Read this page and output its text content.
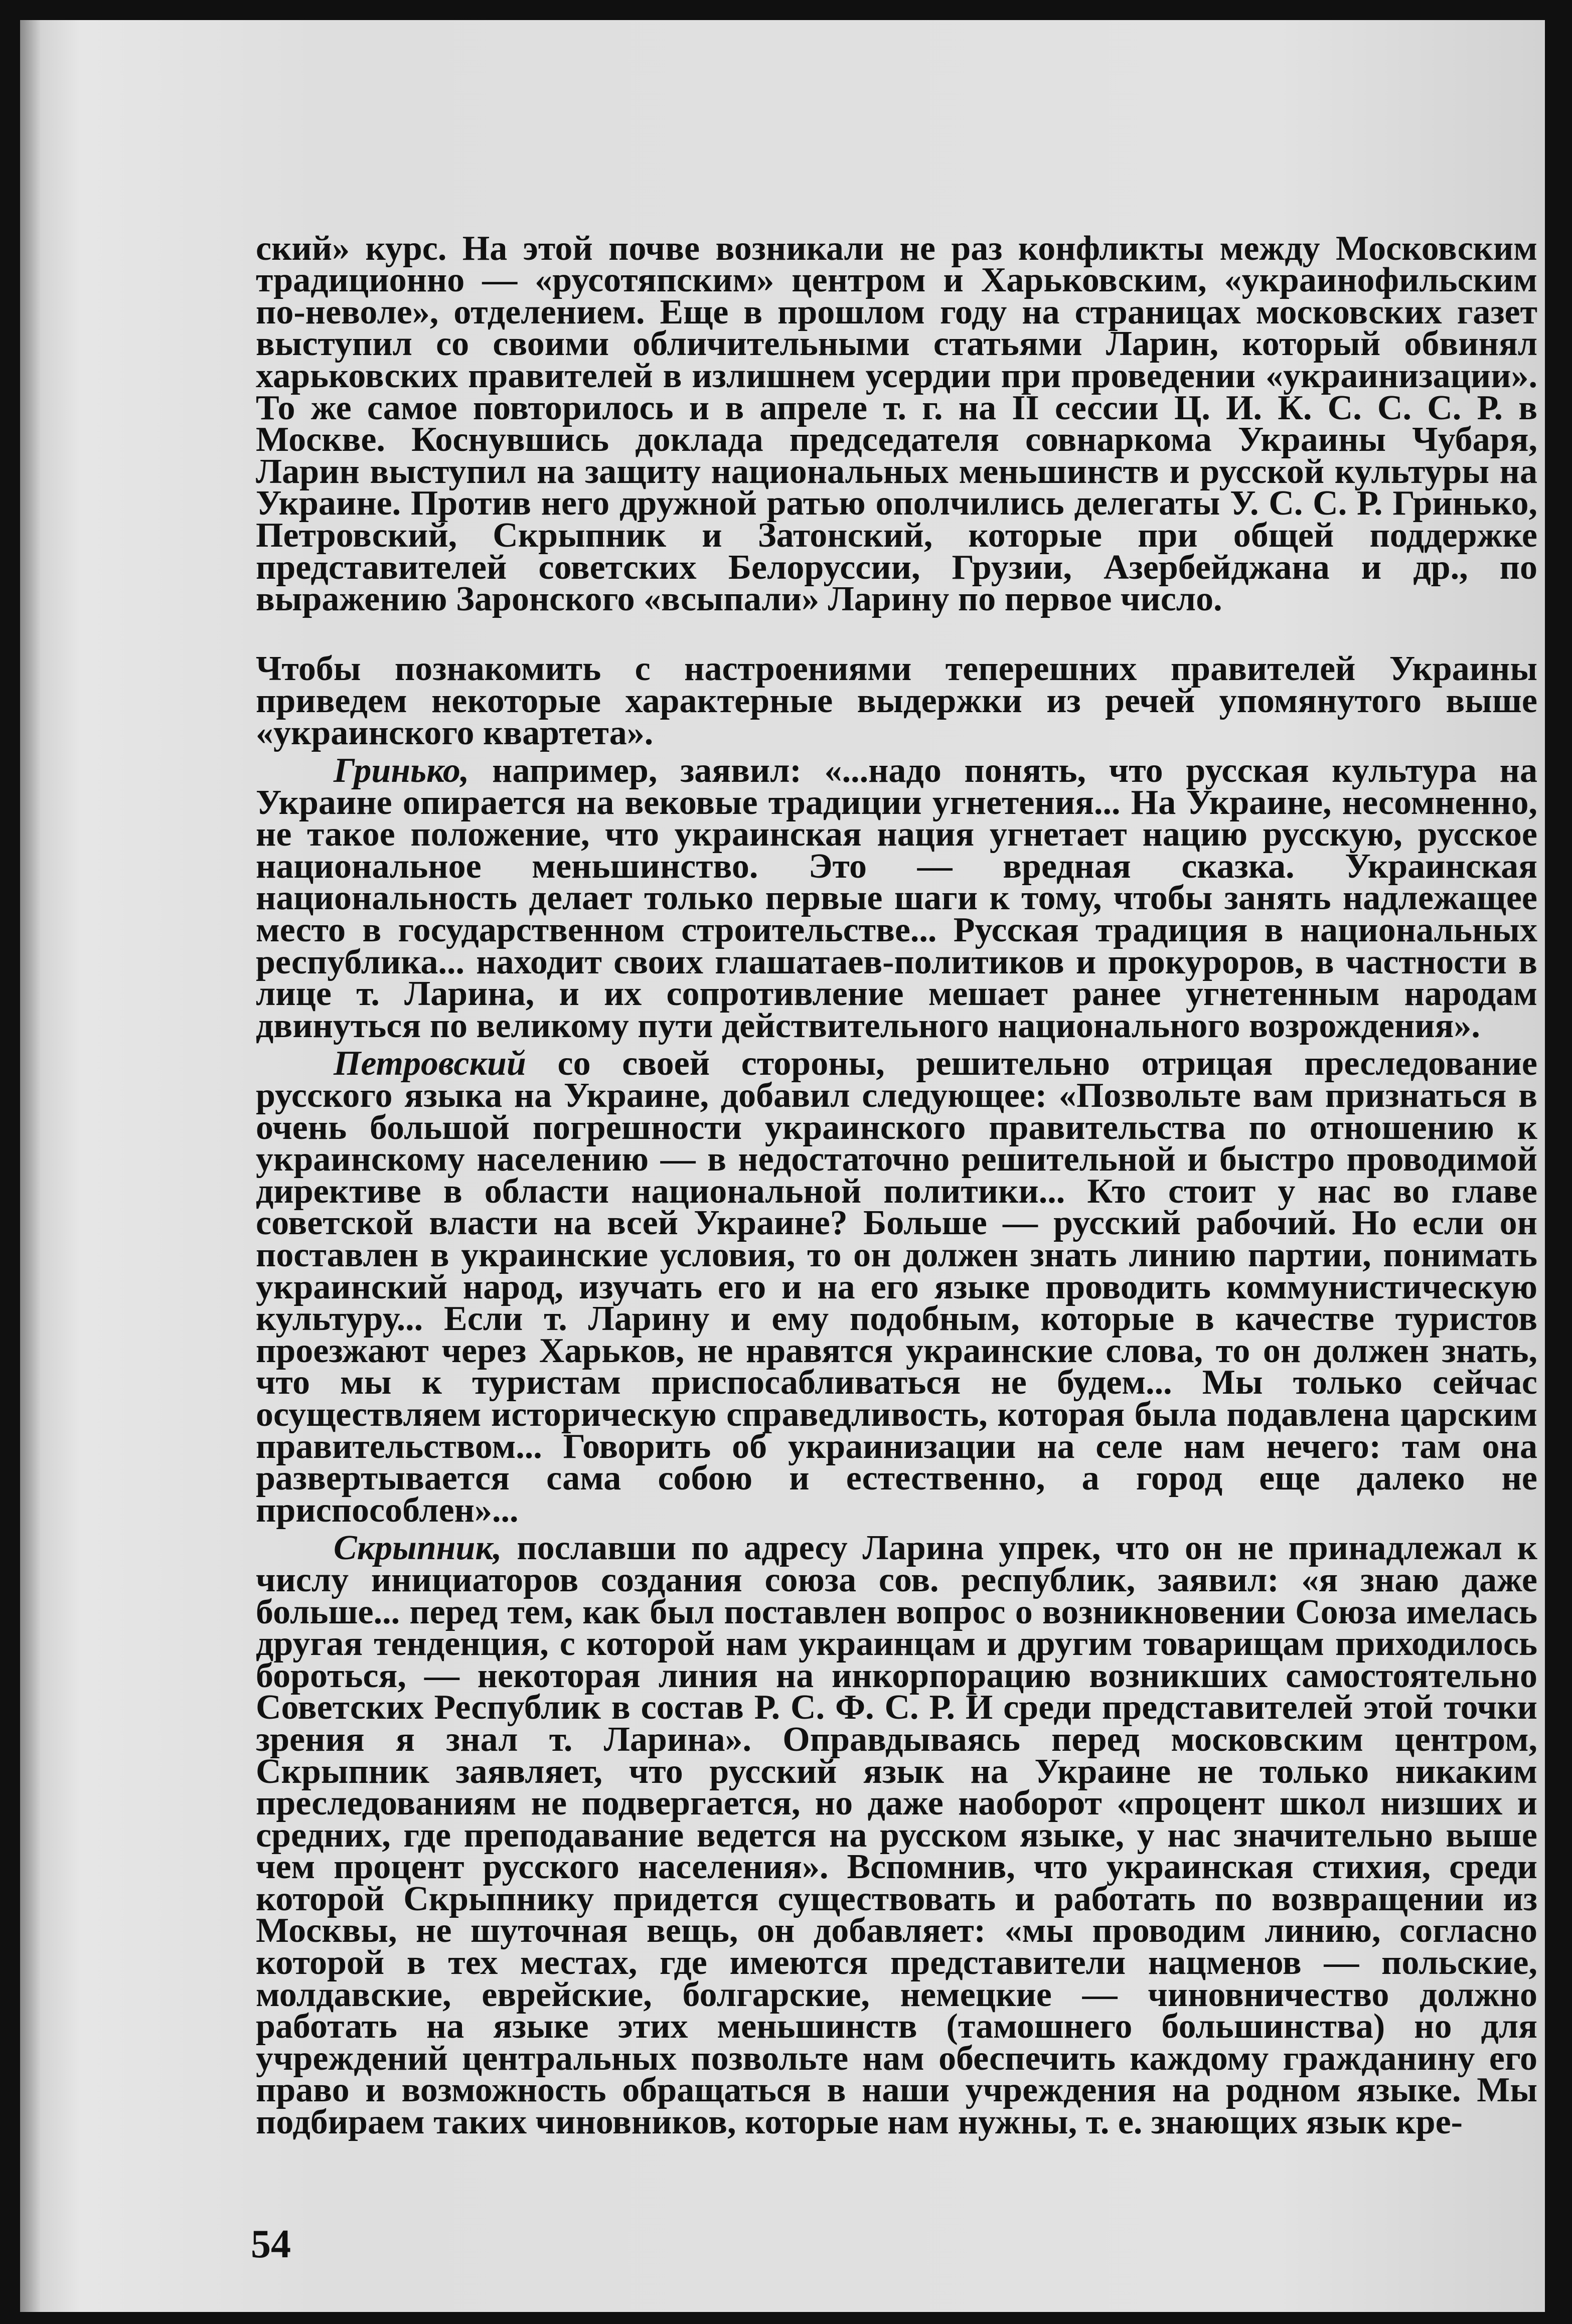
ский» курс. На этой почве возникали не раз конфликты между Московским традиционно — «русотяпским» центром и Харьковским, «украинофильским по-неволе», отделением. Еще в прошлом году на страницах московских газет выступил со своими обличительными статьями Ларин, который обвинял харьковских правителей в излишнем усердии при проведении «украинизации». То же самое повторилось и в апреле т. г. на II сессии Ц. И. К. С. С. С. Р. в Москве. Коснувшись доклада председателя совнаркома Украины Чубаря, Ларин выступил на защиту национальных меньшинств и русской культуры на Украине. Против него дружной ратью ополчились делегаты У. С. С. Р. Гринько, Петровский, Скрыпник и Затонский, которые при общей поддержке представителей советских Белоруссии, Грузии, Азербейджана и др., по выражению Заронского «всыпали» Ларину по первое число.

Чтобы познакомить с настроениями теперешних правителей Украины приведем некоторые характерные выдержки из речей упомянутого выше «украинского квартета».

Гринько, например, заявил: «...надо понять, что русская культура на Украине опирается на вековые традиции угнетения... На Украине, несомненно, не такое положение, что украинская нация угнетает нацию русскую, русское национальное меньшинство. Это — вредная сказка. Украинская национальность делает только первые шаги к тому, чтобы занять надлежащее место в государственном строительстве... Русская традиция в национальных республика... находит своих глашатаев-политиков и прокуроров, в частности в лице т. Ларина, и их сопротивление мешает ранее угнетенным народам двинуться по великому пути действительного национального возрождения».

Петровский со своей стороны, решительно отрицая преследование русского языка на Украине, добавил следующее: «Позвольте вам признаться в очень большой погрешности украинского правительства по отношению к украинскому населению — в недостаточно решительной и быстро проводимой директиве в области национальной политики... Кто стоит у нас во главе советской власти на всей Украине? Больше — русский рабочий. Но если он поставлен в украинские условия, то он должен знать линию партии, понимать украинский народ, изучать его и на его языке проводить коммунистическую культуру... Если т. Ларину и ему подобным, которые в качестве туристов проезжают через Харьков, не нравятся украинские слова, то он должен знать, что мы к туристам приспосабливаться не будем... Мы только сейчас осуществляем историческую справедливость, которая была подавлена царским правительством... Говорить об украинизации на селе нам нечего: там она развертывается сама собою и естественно, а город еще далеко не приспособлен»...

Скрыпник, пославши по адресу Ларина упрек, что он не принадлежал к числу инициаторов создания союза сов. республик, заявил: «я знаю даже больше... перед тем, как был поставлен вопрос о возникновении Союза имелась другая тенденция, с которой нам украинцам и другим товарищам приходилось бороться, — некоторая линия на инкорпорацию возникших самостоятельно Советских Республик в состав Р. С. Ф. С. Р. И среди представителей этой точки зрения я знал т. Ларина». Оправдываясь перед московским центром, Скрыпник заявляет, что русский язык на Украине не только никаким преследованиям не подвергается, но даже наоборот «процент школ низших и средних, где преподавание ведется на русском языке, у нас значительно выше чем процент русского населения». Вспомнив, что украинская стихия, среди которой Скрыпнику придется существовать и работать по возвращении из Москвы, не шуточная вещь, он добавляет: «мы проводим линию, согласно которой в тех местах, где имеются представители нацменов — польские, молдавские, еврейские, болгарские, немецкие — чиновничество должно работать на языке этих меньшинств (тамошнего большинства) но для учреждений центральных позвольте нам обеспечить каждому гражданину его право и возможность обращаться в наши учреждения на родном языке. Мы подбираем таких чиновников, которые нам нужны, т. е. знающих язык кре-

54
